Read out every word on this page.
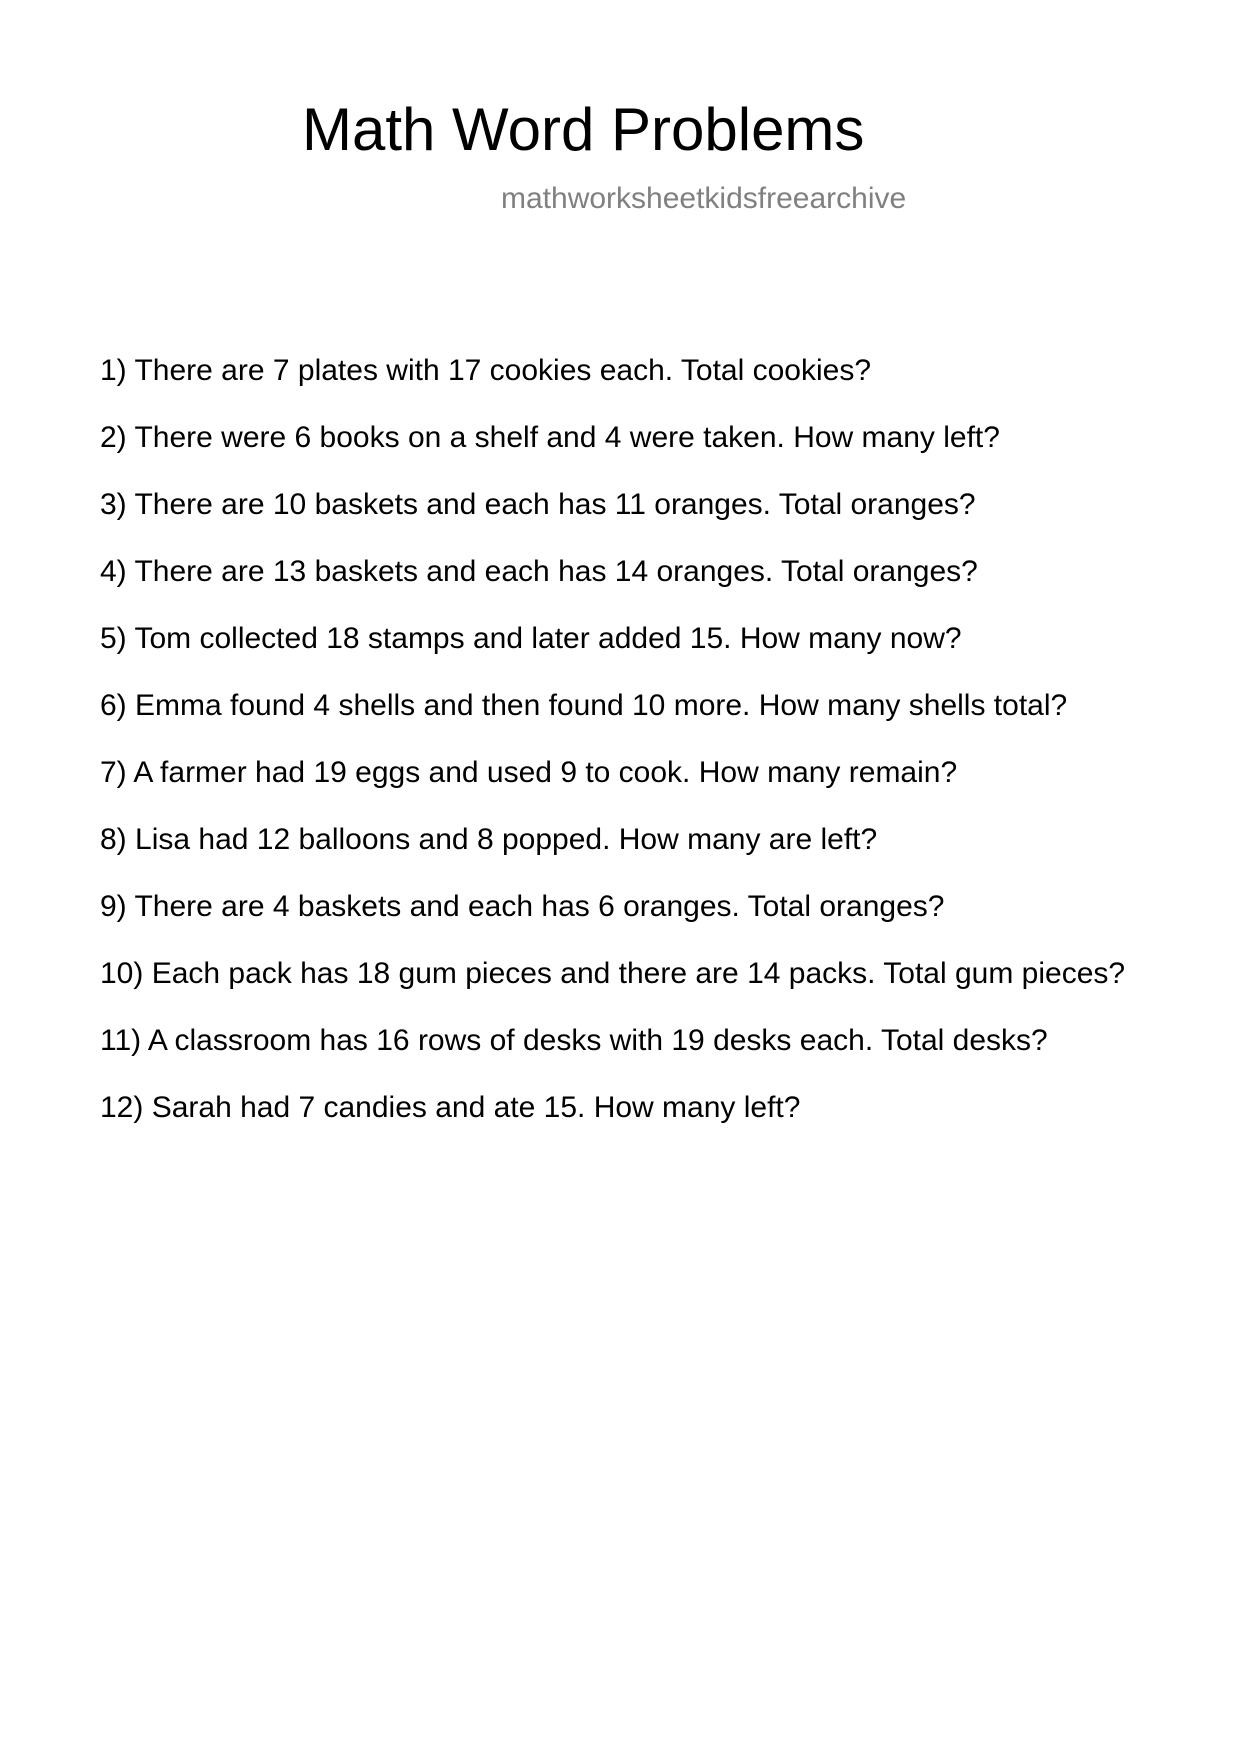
Math Word Problems
mathworksheetkidsfreearchive
1) There are 7 plates with 17 cookies each. Total cookies?
2) There were 6 books on a shelf and 4 were taken. How many left?
3) There are 10 baskets and each has 11 oranges. Total oranges?
4) There are 13 baskets and each has 14 oranges. Total oranges?
5) Tom collected 18 stamps and later added 15. How many now?
6) Emma found 4 shells and then found 10 more. How many shells total?
7) A farmer had 19 eggs and used 9 to cook. How many remain?
8) Lisa had 12 balloons and 8 popped. How many are left?
9) There are 4 baskets and each has 6 oranges. Total oranges?
10) Each pack has 18 gum pieces and there are 14 packs. Total gum pieces?
11) A classroom has 16 rows of desks with 19 desks each. Total desks?
12) Sarah had 7 candies and ate 15. How many left?
